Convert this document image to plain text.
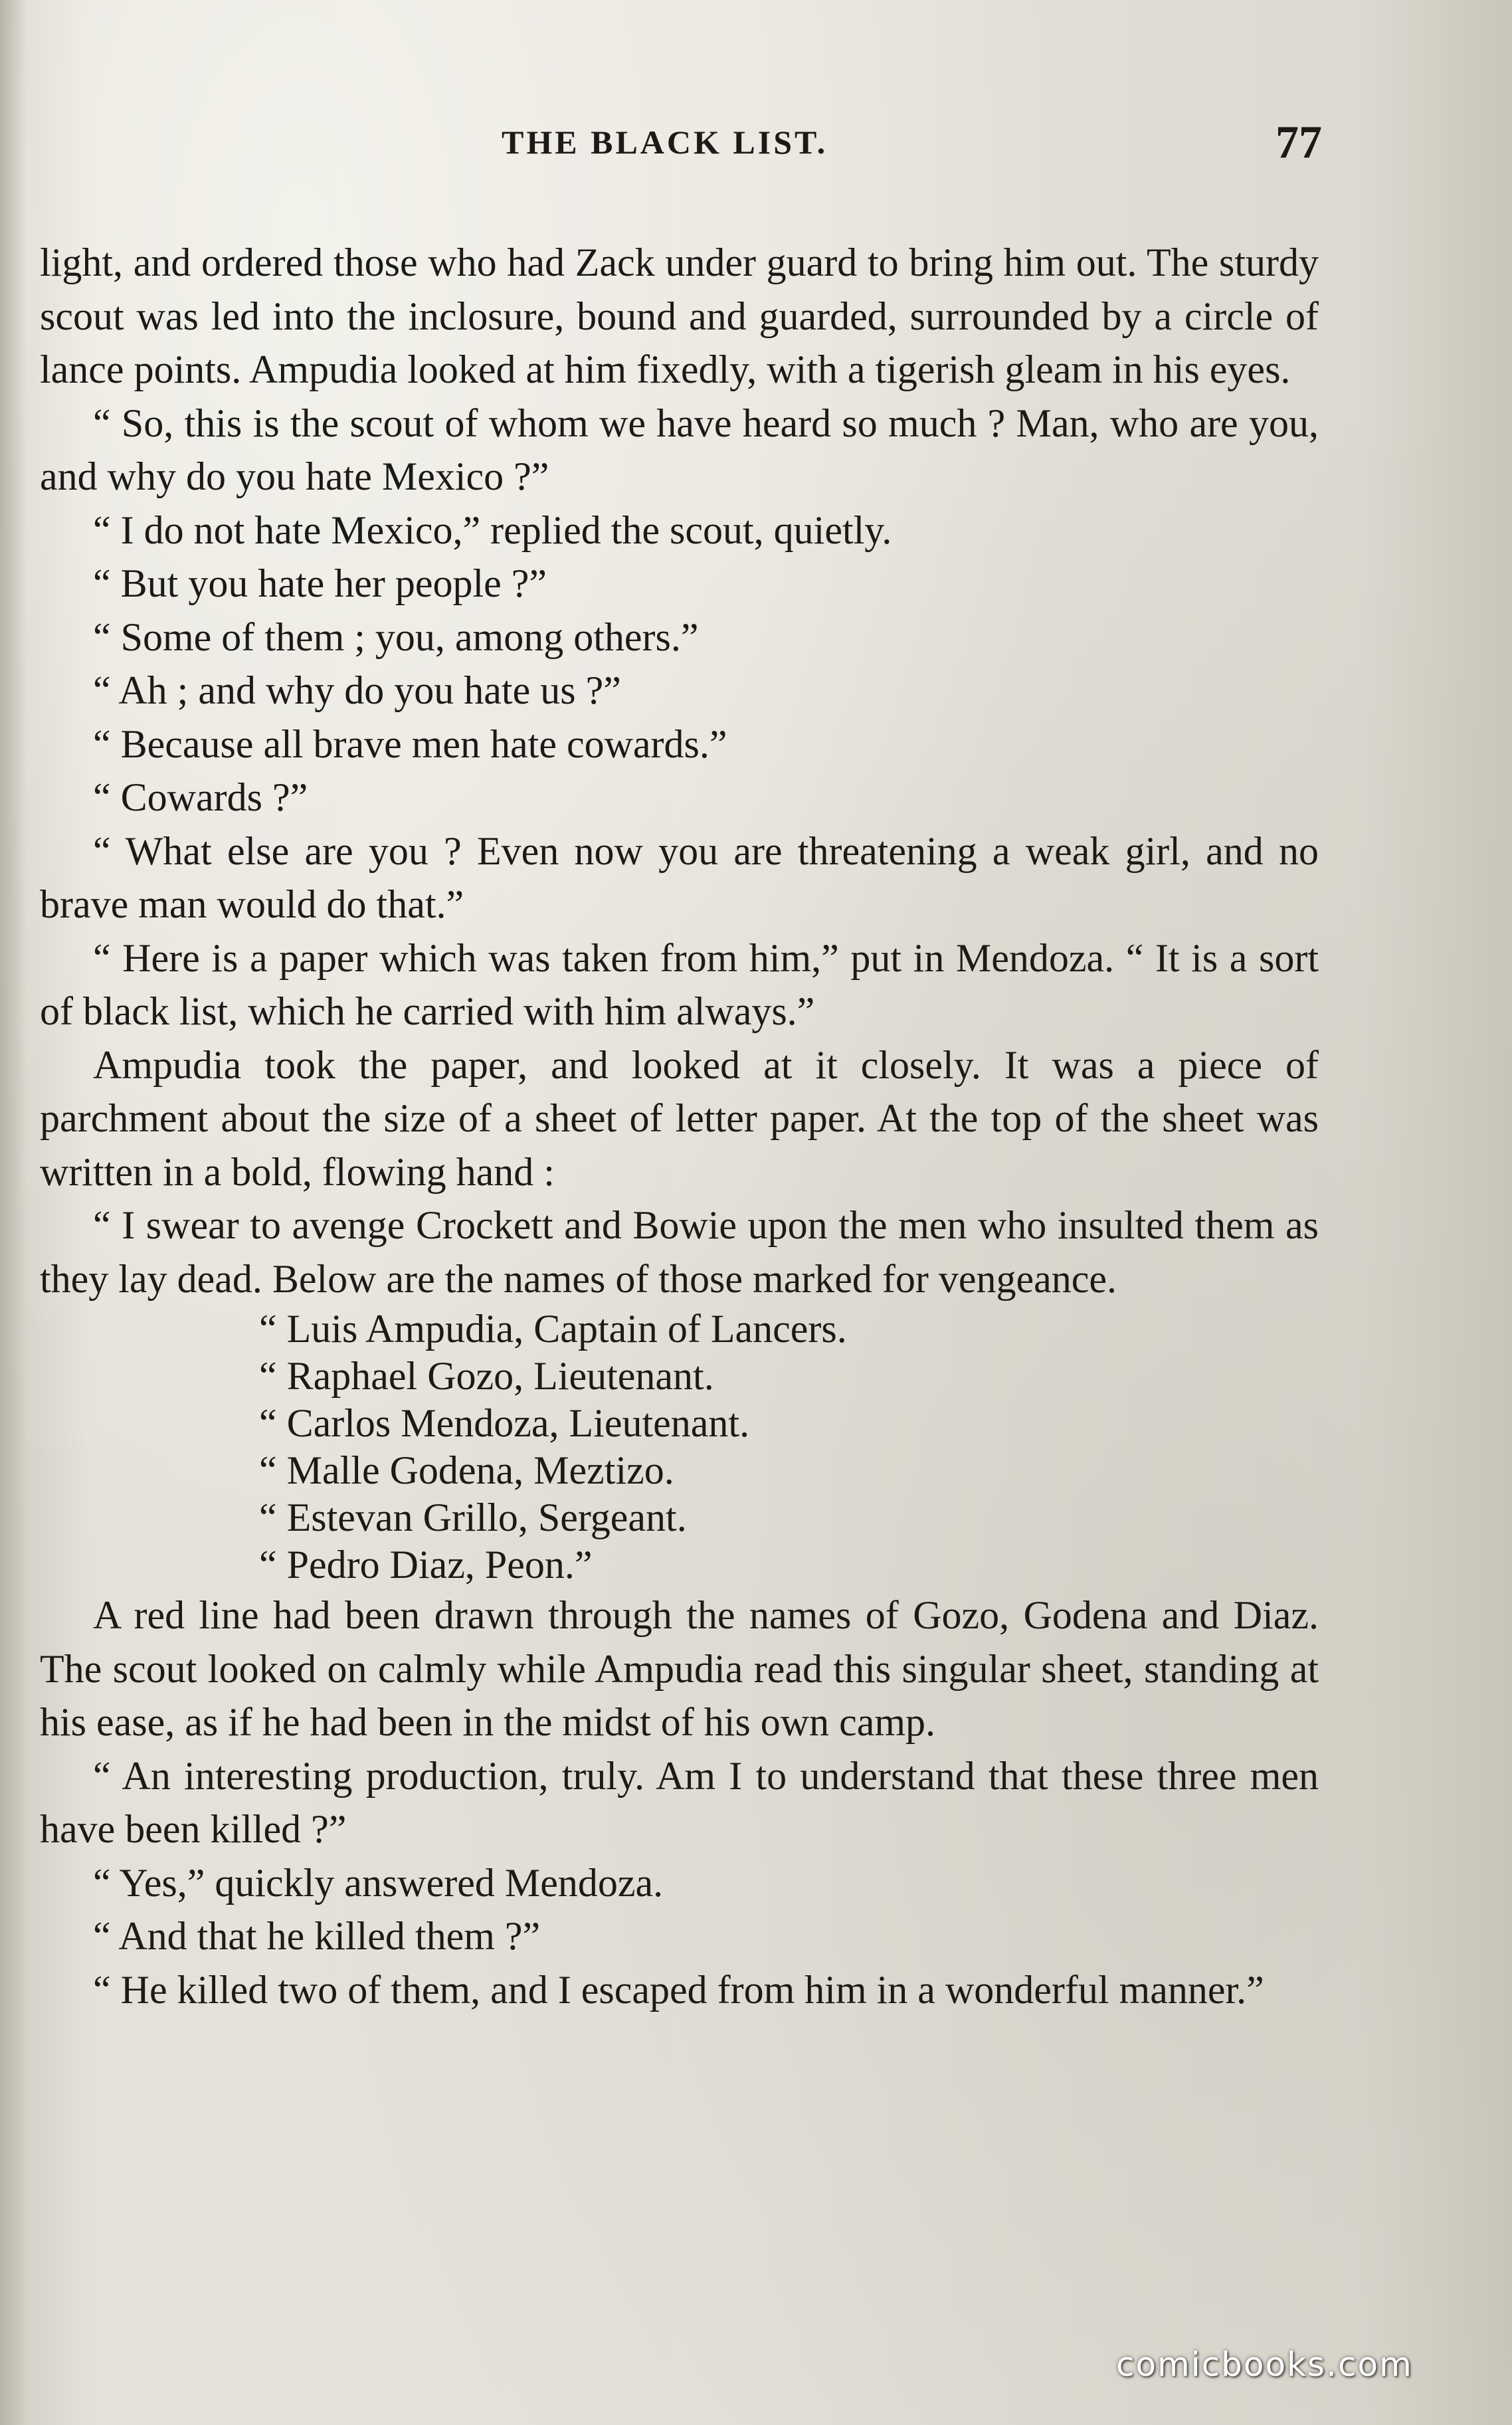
THE BLACK LIST.	77

light, and ordered those who had Zack under guard to bring him out. The sturdy scout was led into the inclosure, bound and guarded, surrounded by a circle of lance points. Ampudia looked at him fixedly, with a tigerish gleam in his eyes.

“ So, this is the scout of whom we have heard so much ? Man, who are you, and why do you hate Mexico ?”

“ I do not hate Mexico,” replied the scout, quietly.

“ But you hate her people ?”

“ Some of them ; you, among others.”

“ Ah ; and why do you hate us ?”

“ Because all brave men hate cowards.”

“ Cowards ?”

“ What else are you ? Even now you are threatening a weak girl, and no brave man would do that.”

“ Here is a paper which was taken from him,” put in Mendoza. “ It is a sort of black list, which he carried with him always.”

Ampudia took the paper, and looked at it closely. It was a piece of parchment about the size of a sheet of letter paper. At the top of the sheet was written in a bold, flowing hand :

“ I swear to avenge Crockett and Bowie upon the men who insulted them as they lay dead. Below are the names of those marked for vengeance.

“ Luis Ampudia, Captain of Lancers.
“ Raphael Gozo, Lieutenant.
“ Carlos Mendoza, Lieutenant.
“ Malle Godena, Meztizo.
“ Estevan Grillo, Sergeant.
“ Pedro Diaz, Peon.”

A red line had been drawn through the names of Gozo, Godena and Diaz. The scout looked on calmly while Ampudia read this singular sheet, standing at his ease, as if he had been in the midst of his own camp.

“ An interesting production, truly. Am I to understand that these three men have been killed ?”

“ Yes,” quickly answered Mendoza.

“ And that he killed them ?”

“ He killed two of them, and I escaped from him in a wonderful manner.”

comicbooks.com
